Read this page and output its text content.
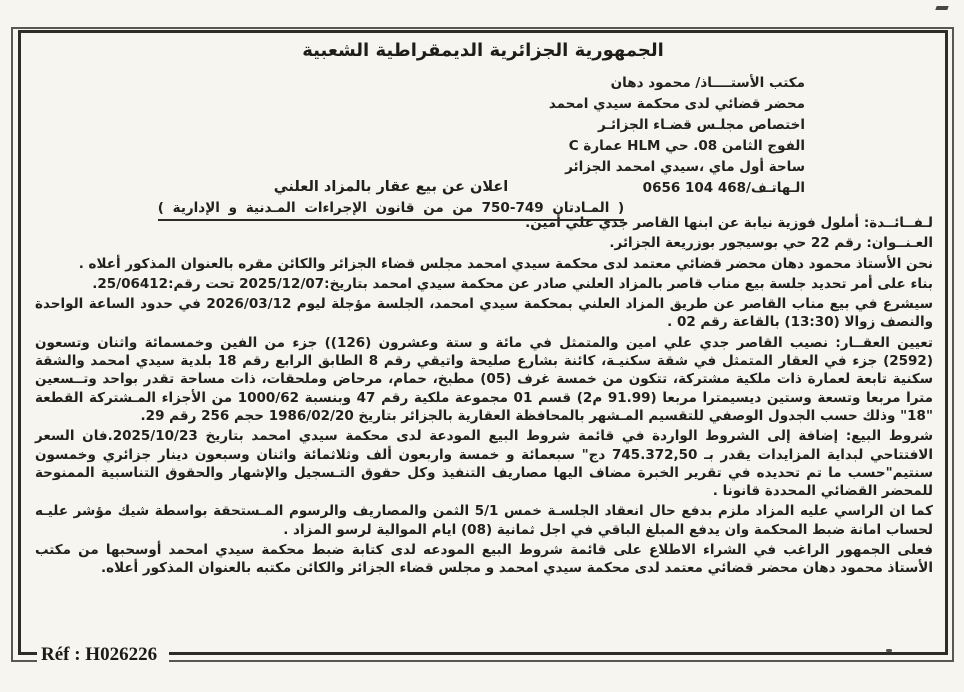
الجمهورية الجزائرية الديمقراطية الشعبية
مكتب الأستــــاذ/ محمود دهان
محضر قضائي لدى محكمة سيدي امحمد
اختصاص مجلـس قضـاء الجزائـر
الفوج الثامن 08. حي HLM عمارة C
ساحة أول ماي ،سيدي امحمد الجزائر
الـهاتـف/0656 104 468
اعلان عن بيع عقار بالمزاد العلني
( المـادتان 749-750 من من قانون الإجراءات المـدنية و الإدارية )

لـفــائــدة: أملول فوزية نيابة عن ابنها القاصر جدي علي أمين.

العـنــوان: رقم 22 حي بوسيجور بوزريعة الجزائر.

نحن الأستاذ محمود دهان محضر قضائي معتمد لدى محكمة سيدي امحمد مجلس قضاء الجزائر والكائن مقره بالعنوان المذكور أعلاه .

بناء على أمر تحديد جلسة بيع مناب قاصر بالمزاد العلني صادر عن محكمة سيدي امحمد بتاريخ:2025/12/07 تحت رقم:25/06412.

سيشرع في بيع مناب القاصر عن طريق المزاد العلني بمحكمة سيدي امحمد، الجلسة مؤجلة ليوم 2026/03/12 في حدود الساعة الواحدة والنصف زوالا (13:30) بالقاعة رقم 02 .

تعيين العقــار: نصيب القاصر جدي علي امين والمتمثل في مائة و ستة وعشرون (126)) جزء من الفين وخمسمائة واثنان وتسعون (2592) جزء في العقار المتمثل في شقة سكنيـة، كائنة بشارع صليحة واتيقي رقم 8 الطابق الرابع رقم 18 بلدية سيدي امحمد والشقة سكنية تابعة لعمارة ذات ملكية مشتركة، تتكون من خمسة غرف (05) مطبخ، حمام، مرحاض وملحقات، ذات مساحة تقدر بواحد وتــسعين مترا مربعا وتسعة وستين ديسيمترا مربعا (91.99 م2) قسم 01 مجموعة ملكية رقم 47 وبنسبة 1000/62 من الأجزاء المـشتركة القطعة "18" وذلك حسب الجدول الوصفي للتقسيم المـشهر بالمحافظة العقارية بالجزائر بتاريخ 1986/02/20 حجم 256 رقم 29.

شروط البيع: إضافة إلى الشروط الواردة في قائمة شروط البيع المودعة لدى محكمة سيدي امحمد بتاريخ 2025/10/23.فان السعر الافتتاحي لبداية المزايدات يقدر بـ 745.372,50 دج" سبعمائة و خمسة واربعون ألف وثلاثمائة واثنان وسبعون دينار جزائري وخمسون سنتيم"حسب ما تم تحديده في تقرير الخبرة مضاف اليها مصاريف التنفيذ وكل حقوق التـسجيل والإشهار والحقوق التناسبية الممنوحة للمحضر القضائي المحددة قانونا .

كما ان الراسي عليه المزاد ملزم بدفع حال انعقاد الجلسـة خمس 5/1 الثمن والمصاريف والرسوم المـستحقة بواسطة شيك مؤشر عليـه لحساب امانة ضبط المحكمة وان يدفع المبلغ الباقي في اجل ثمانية (08) ايام الموالية لرسو المزاد .

فعلى الجمهور الراغب في الشراء الاطلاع على قائمة شروط البيع المودعه لدى كتابة ضبط محكمة سيدي امحمد أوسحبها من مكتب الأستاذ محمود دهان محضر قضائي معتمد لدى محكمة سيدي امحمد و مجلس قضاء الجزائر والكائن مكتبه بالعنوان المذكور أعلاه.

Réf : H026226
